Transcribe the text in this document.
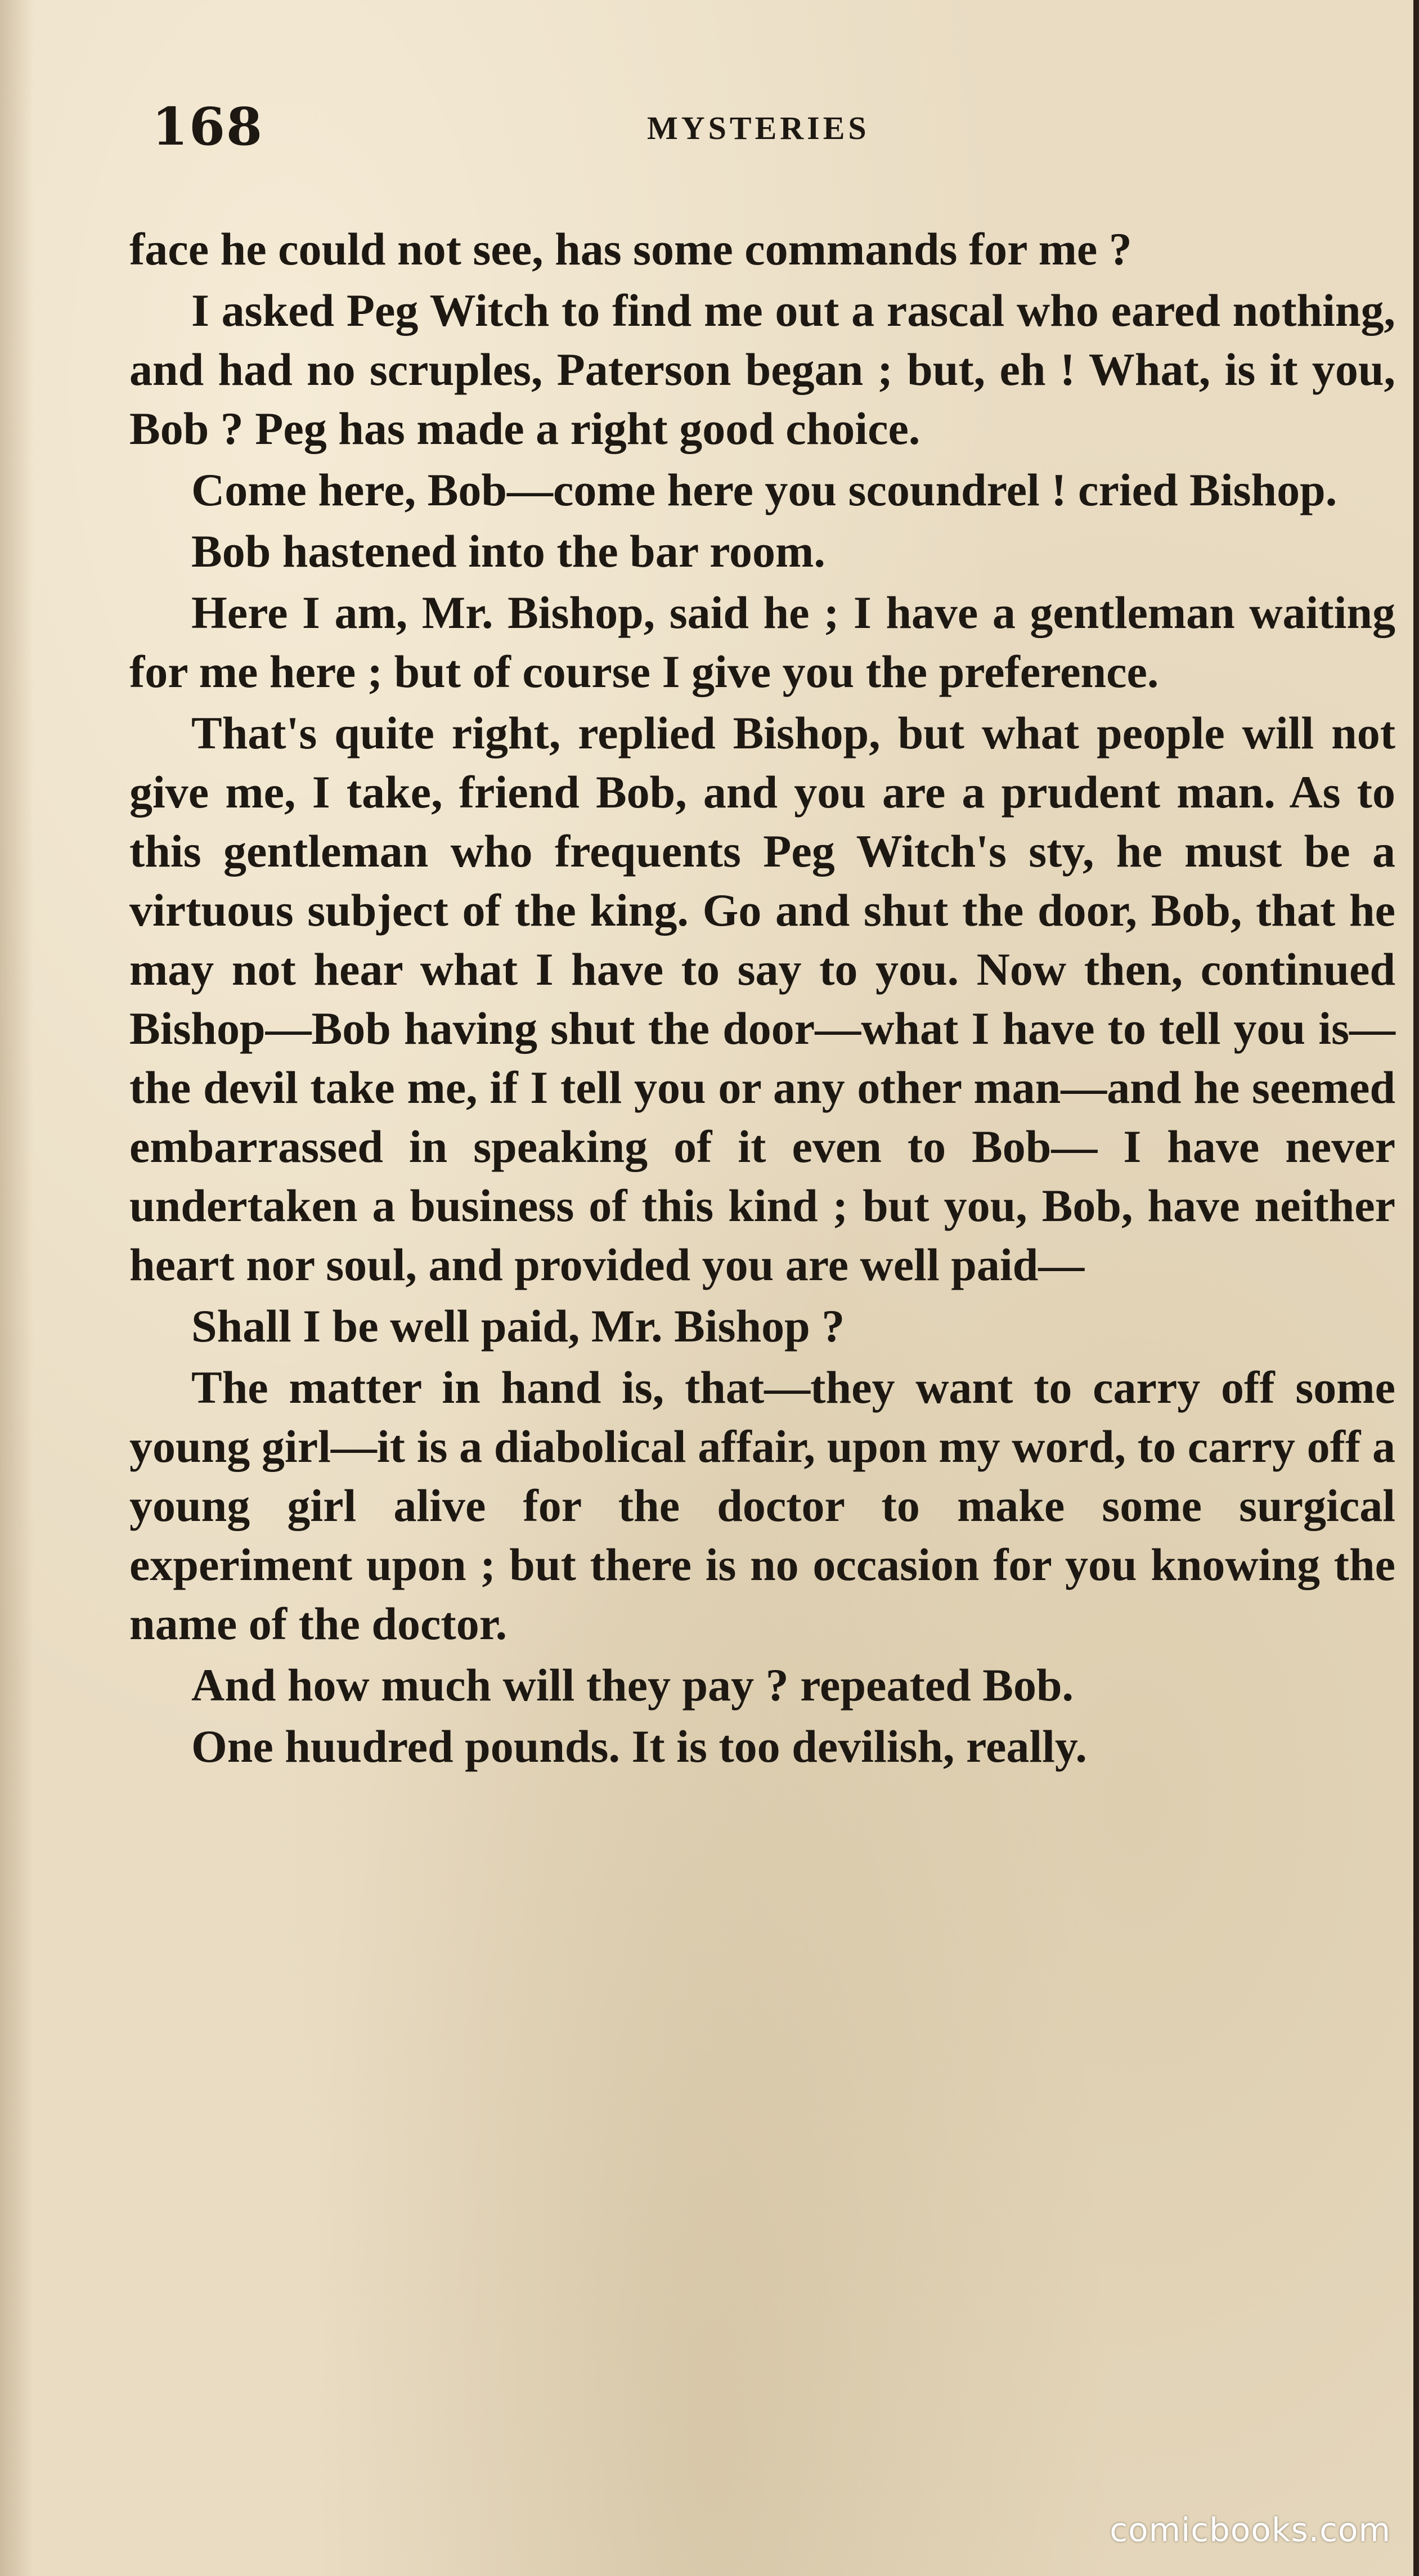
168	MYSTERIES

face he could not see, has some commands for me ?

I asked Peg Witch to find me out a rascal who eared nothing, and had no scruples, Paterson began ; but, eh ! What, is it you, Bob ? Peg has made a right good choice.

Come here, Bob—come here you scoundrel ! cried Bishop.

Bob hastened into the bar room.

Here I am, Mr. Bishop, said he ; I have a gentleman waiting for me here ; but of course I give you the preference.

That's quite right, replied Bishop, but what people will not give me, I take, friend Bob, and you are a prudent man. As to this gentleman who frequents Peg Witch's sty, he must be a virtuous subject of the king. Go and shut the door, Bob, that he may not hear what I have to say to you. Now then, continued Bishop—Bob having shut the door—what I have to tell you is—the devil take me, if I tell you or any other man—and he seemed embarrassed in speaking of it even to Bob— I have never undertaken a business of this kind ; but you, Bob, have neither heart nor soul, and provided you are well paid—

Shall I be well paid, Mr. Bishop ?

The matter in hand is, that—they want to carry off some young girl—it is a diabolical affair, upon my word, to carry off a young girl alive for the doctor to make some surgical experiment upon ; but there is no occasion for you knowing the name of the doctor.

And how much will they pay ? repeated Bob.

One huudred pounds. It is too devilish, really.

comicbooks.com
